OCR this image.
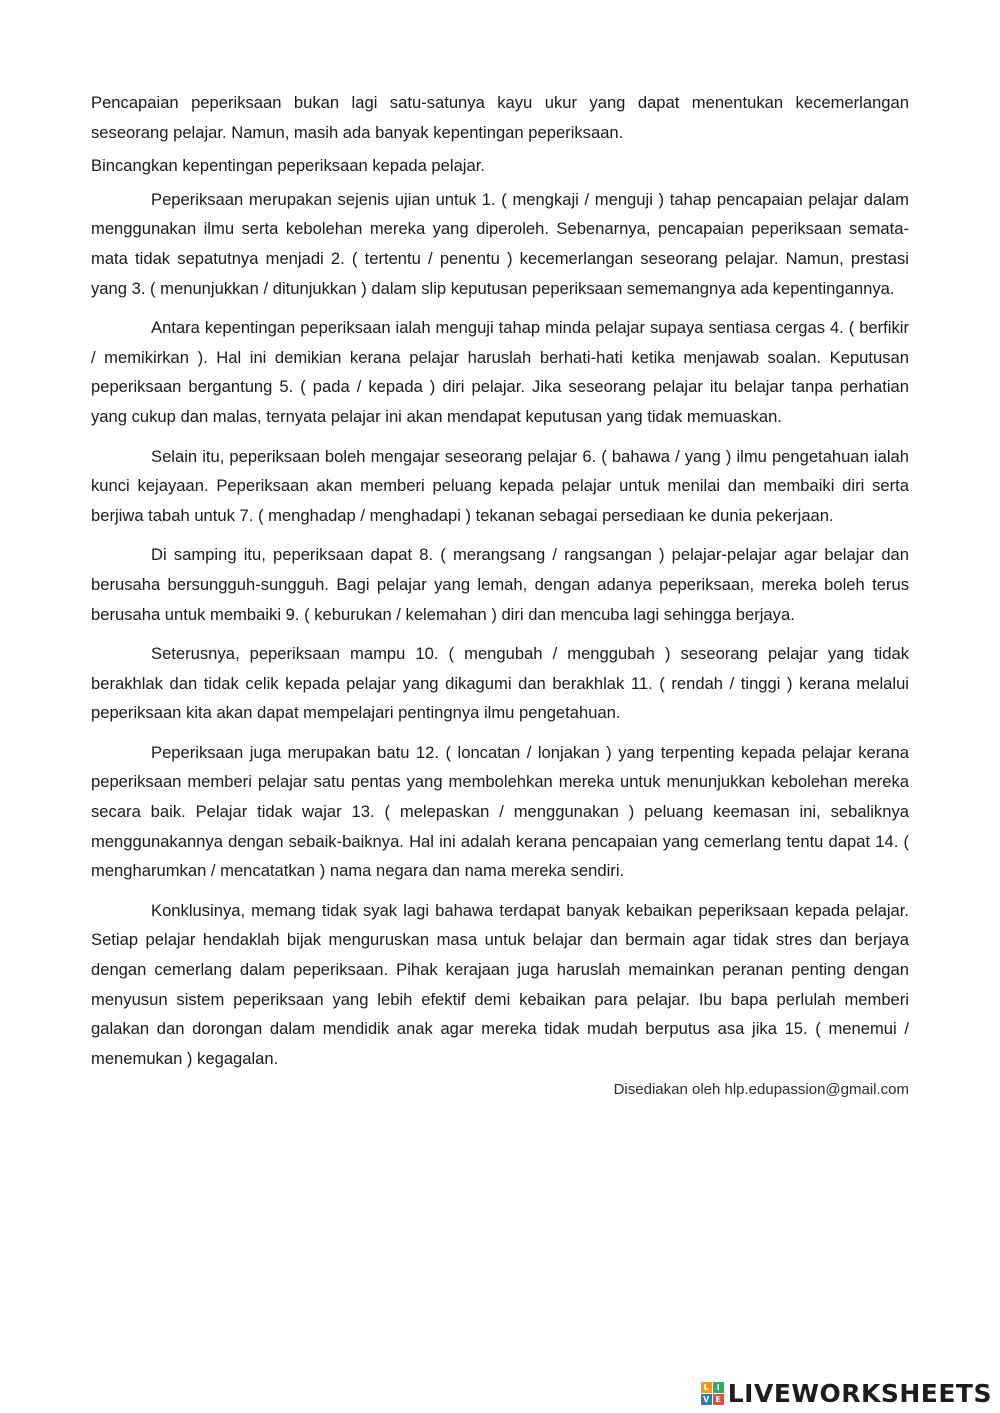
Pencapaian peperiksaan bukan lagi satu-satunya kayu ukur yang dapat menentukan kecemerlangan seseorang pelajar. Namun, masih ada banyak kepentingan peperiksaan.

Bincangkan kepentingan peperiksaan kepada pelajar.

Peperiksaan merupakan sejenis ujian untuk 1. ( mengkaji / menguji ) tahap pencapaian pelajar dalam menggunakan ilmu serta kebolehan mereka yang diperoleh. Sebenarnya, pencapaian peperiksaan semata-mata tidak sepatutnya menjadi 2. ( tertentu / penentu ) kecemerlangan seseorang pelajar. Namun, prestasi yang 3. ( menunjukkan / ditunjukkan ) dalam slip keputusan peperiksaan sememangnya ada kepentingannya.

Antara kepentingan peperiksaan ialah menguji tahap minda pelajar supaya sentiasa cergas 4. ( berfikir / memikirkan ). Hal ini demikian kerana pelajar haruslah berhati-hati ketika menjawab soalan. Keputusan peperiksaan bergantung 5. ( pada / kepada ) diri pelajar. Jika seseorang pelajar itu belajar tanpa perhatian yang cukup dan malas, ternyata pelajar ini akan mendapat keputusan yang tidak memuaskan.

Selain itu, peperiksaan boleh mengajar seseorang pelajar 6. ( bahawa / yang ) ilmu pengetahuan ialah kunci kejayaan. Peperiksaan akan memberi peluang kepada pelajar untuk menilai dan membaiki diri serta berjiwa tabah untuk 7. ( menghadap / menghadapi ) tekanan sebagai persediaan ke dunia pekerjaan.

Di samping itu, peperiksaan dapat 8. ( merangsang / rangsangan ) pelajar-pelajar agar belajar dan berusaha bersungguh-sungguh. Bagi pelajar yang lemah, dengan adanya peperiksaan, mereka boleh terus berusaha untuk membaiki 9. ( keburukan / kelemahan ) diri dan mencuba lagi sehingga berjaya.

Seterusnya, peperiksaan mampu 10. ( mengubah / menggubah ) seseorang pelajar yang tidak berakhlak dan tidak celik kepada pelajar yang dikagumi dan berakhlak 11. ( rendah / tinggi ) kerana melalui peperiksaan kita akan dapat mempelajari pentingnya ilmu pengetahuan.

Peperiksaan juga merupakan batu 12. ( loncatan / lonjakan ) yang terpenting kepada pelajar kerana peperiksaan memberi pelajar satu pentas yang membolehkan mereka untuk menunjukkan kebolehan mereka secara baik. Pelajar tidak wajar 13. ( melepaskan / menggunakan ) peluang keemasan ini, sebaliknya menggunakannya dengan sebaik-baiknya. Hal ini adalah kerana pencapaian yang cemerlang tentu dapat 14. ( mengharumkan / mencatatkan ) nama negara dan nama mereka sendiri.

Konklusinya, memang tidak syak lagi bahawa terdapat banyak kebaikan peperiksaan kepada pelajar. Setiap pelajar hendaklah bijak menguruskan masa untuk belajar dan bermain agar tidak stres dan berjaya dengan cemerlang dalam peperiksaan. Pihak kerajaan juga haruslah memainkan peranan penting dengan menyusun sistem peperiksaan yang lebih efektif demi kebaikan para pelajar. Ibu bapa perlulah memberi galakan dan dorongan dalam mendidik anak agar mereka tidak mudah berputus asa jika 15. ( menemui / menemukan ) kegagalan.

Disediakan oleh hlp.edupassion@gmail.com
L I
V E LIVEWORKSHEETS
